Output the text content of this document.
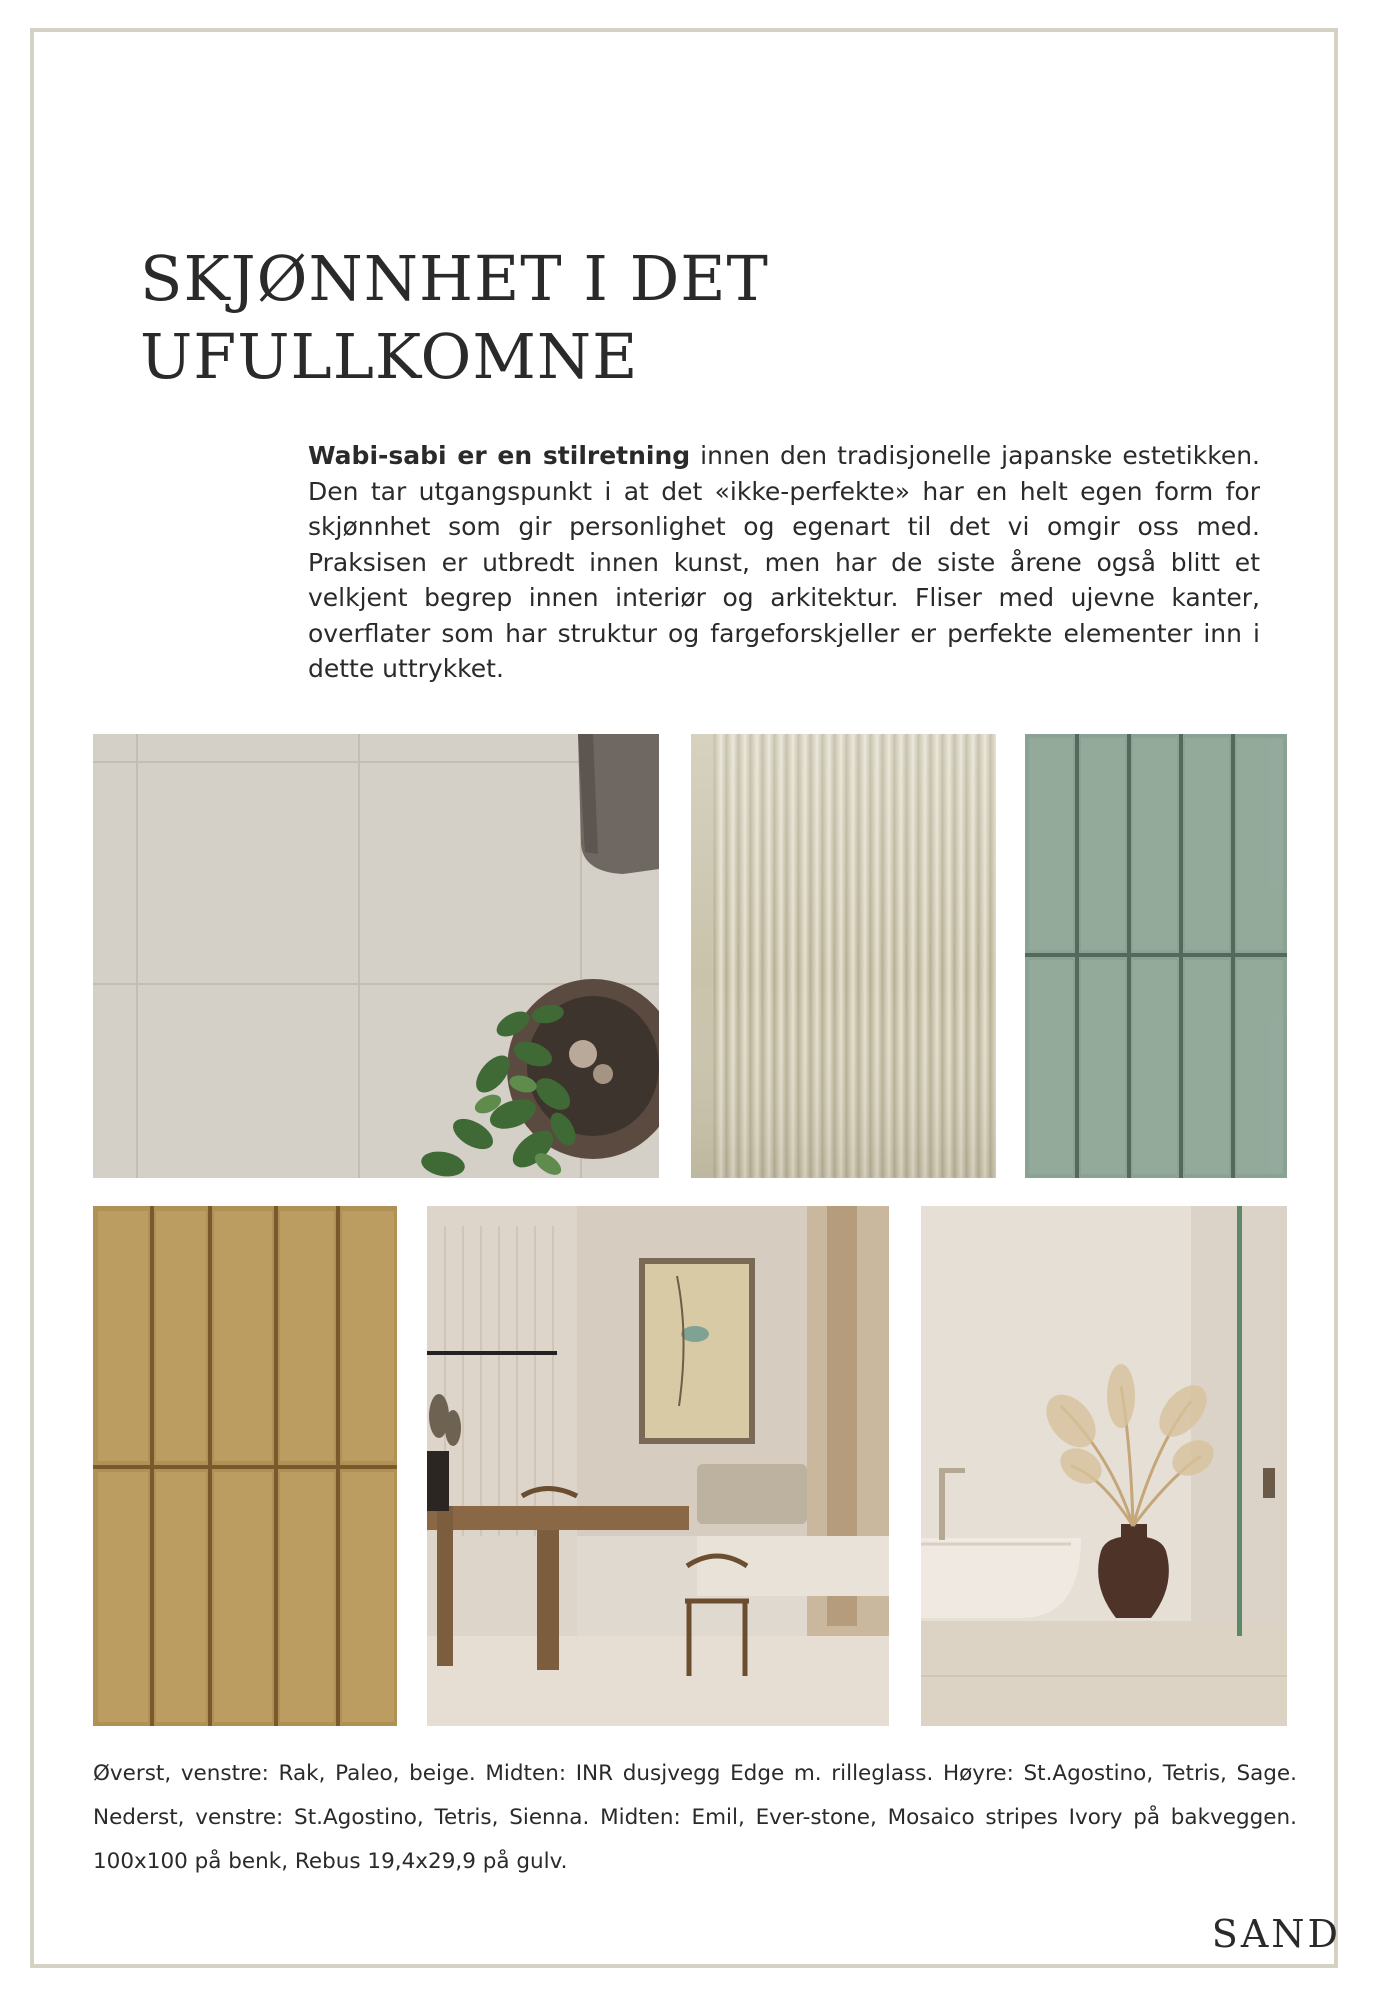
SKJØNNHET I DET
UFULLKOMNE

Wabi-sabi er en stilretning innen den tradisjonelle japanske estetikken. Den tar utgangspunkt i at det «ikke-perfekte» har en helt egen form for skjønnhet som gir personlighet og egenart til det vi omgir oss med. Praksisen er utbredt innen kunst, men har de siste årene også blitt et velkjent begrep innen interiør og arkitektur. Fliser med ujevne kanter, overflater som har struktur og fargeforskjeller er perfekte elementer inn i dette uttrykket.

Øverst, venstre: Rak, Paleo, beige. Midten: INR dusjvegg Edge m. rilleglass. Høyre: St.Agostino, Tetris, Sage. Nederst, venstre: St.Agostino, Tetris, Sienna. Midten: Emil, Ever-stone, Mosaico stripes Ivory på bakveggen. 100x100 på benk, Rebus 19,4x29,9 på gulv.

SAND
